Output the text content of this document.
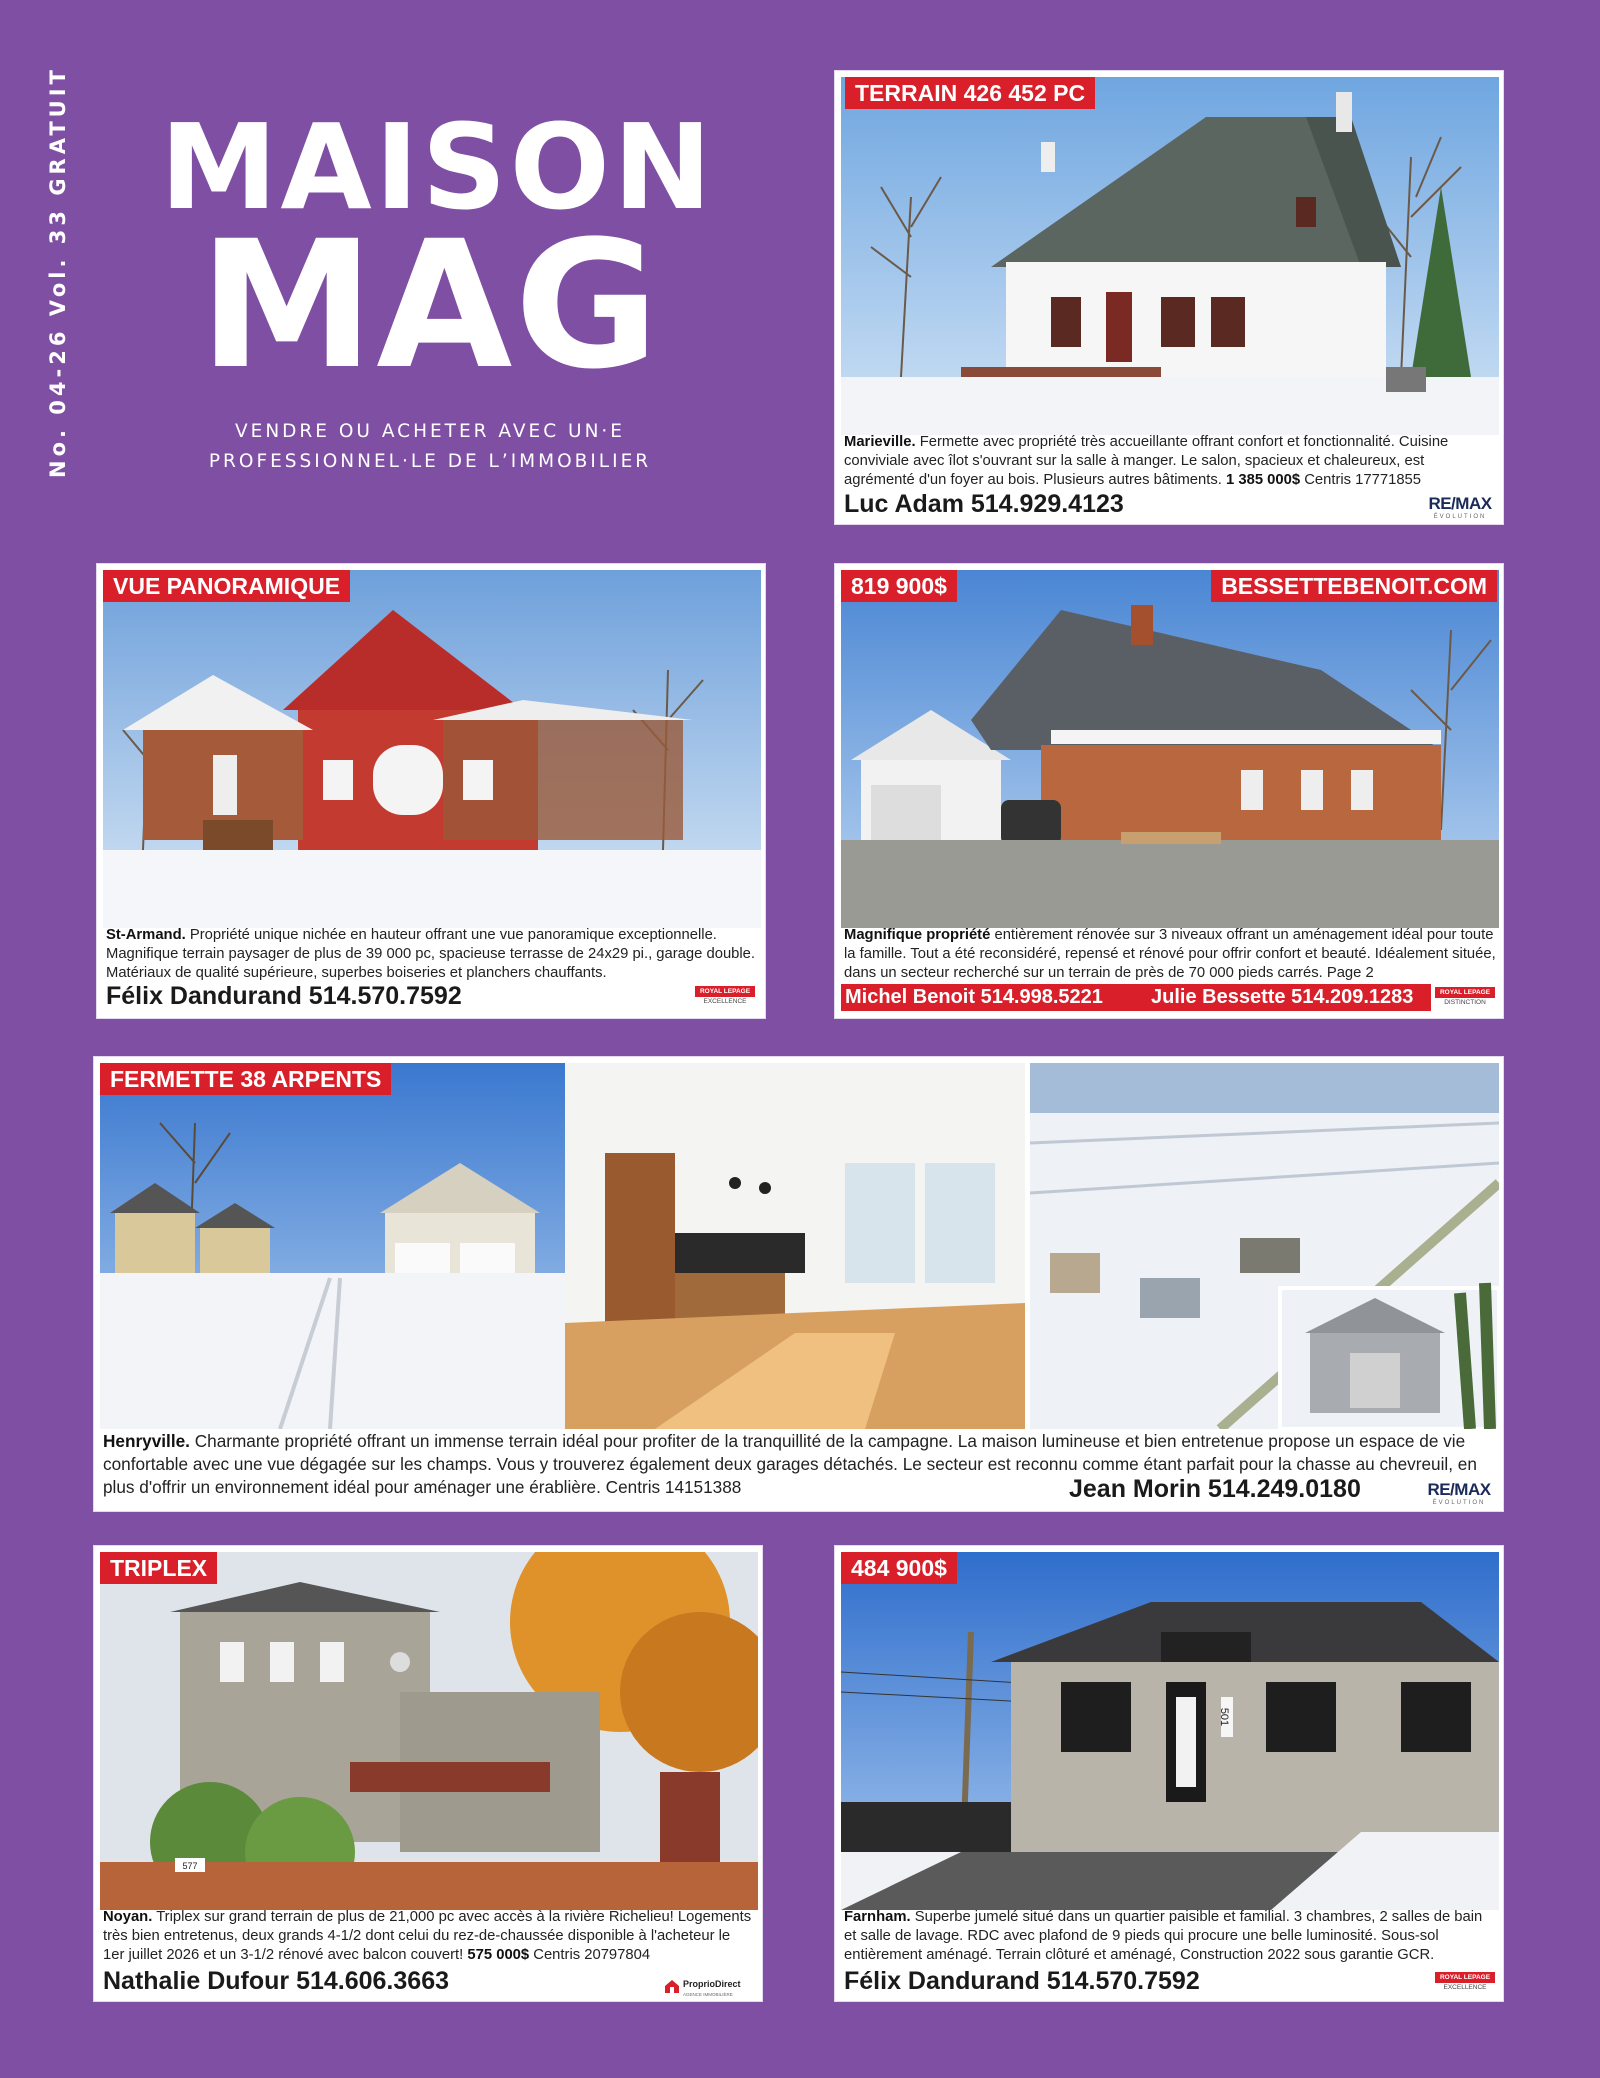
No. 04-26 Vol. 33 GRATUIT MAISON
MAG
VENDRE OU ACHETER AVEC UN·E
PROFESSIONNEL·LE DE L’IMMOBILIER
TERRAIN 426 452 PC
Marieville. Fermette avec propriété très accueillante offrant confort et fonctionnalité. Cuisine conviviale avec îlot s'ouvrant sur la salle à manger. Le salon, spacieux et chaleureux, est agrémenté d'un foyer au bois. Plusieurs autres bâtiments. 1 385 000$ Centris 17771855
Luc Adam 514.929.4123	RE/MAX
ÉVOLUTION
VUE PANORAMIQUE
St-Armand. Propriété unique nichée en hauteur offrant une vue panoramique exceptionnelle. Magnifique terrain paysager de plus de 39 000 pc, spacieuse terrasse de 24x29 pi., garage double. Matériaux de qualité supérieure, superbes boiseries et planchers chauffants.
Félix Dandurand 514.570.7592	ROYAL LEPAGE
EXCELLENCE
819 900$	BESSETTEBENOIT.COM
Magnifique propriété entièrement rénovée sur 3 niveaux offrant un aménagement idéal pour toute la famille. Tout a été reconsidéré, repensé et rénové pour offrir confort et beauté. Idéalement située, dans un secteur recherché sur un terrain de près de 70 000 pieds carrés. Page 2
Michel Benoit 514.998.5221 Julie Bessette 514.209.1283	ROYAL LEPAGE
DISTINCTION
FERMETTE 38 ARPENTS
Henryville. Charmante propriété offrant un immense terrain idéal pour profiter de la tranquillité de la campagne. La maison lumineuse et bien entretenue propose un espace de vie confortable avec une vue dégagée sur les champs. Vous y trouverez également deux garages détachés. Le secteur est reconnu comme étant parfait pour la chasse au chevreuil, en plus d'offrir un environnement idéal pour aménager une érablière. Centris 14151388	Jean Morin 514.249.0180	RE/MAX
ÉVOLUTION
577
TRIPLEX
Noyan. Triplex sur grand terrain de plus de 21,000 pc avec accès à la rivière Richelieu! Logements très bien entretenus, deux grands 4-1/2 dont celui du rez-de-chaussée disponible à l'acheteur le 1er juillet 2026 et un 3-1/2 rénové avec balcon couvert! 575 000$ Centris 20797804
Nathalie Dufour 514.606.3663	ProprioDirect
AGENCE IMMOBILIÈRE
501
484 900$
Farnham. Superbe jumelé situé dans un quartier paisible et familial. 3 chambres, 2 salles de bain et salle de lavage. RDC avec plafond de 9 pieds qui procure une belle luminosité. Sous-sol entièrement aménagé. Terrain clôturé et aménagé, Construction 2022 sous garantie GCR.
Félix Dandurand 514.570.7592	ROYAL LEPAGE
EXCELLENCE
